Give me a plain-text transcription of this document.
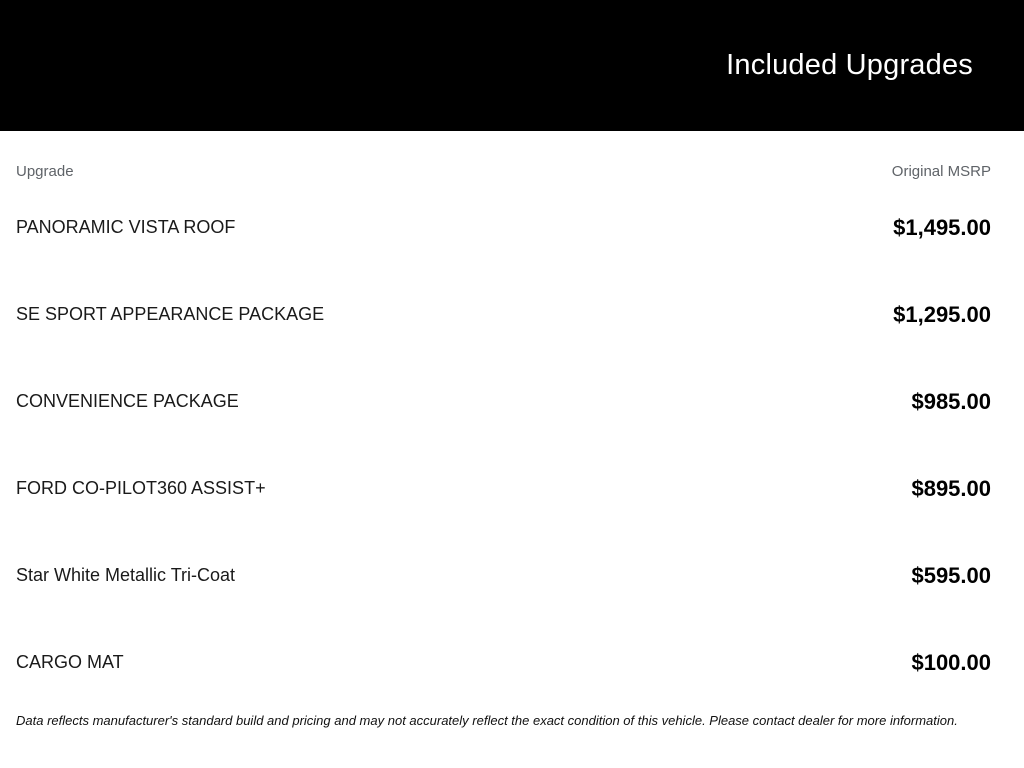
Included Upgrades
Upgrade	Original MSRP
PANORAMIC VISTA ROOF	$1,495.00
SE SPORT APPEARANCE PACKAGE	$1,295.00
CONVENIENCE PACKAGE	$985.00
FORD CO-PILOT360 ASSIST+	$895.00
Star White Metallic Tri-Coat	$595.00
CARGO MAT	$100.00
Data reflects manufacturer's standard build and pricing and may not accurately reflect the exact condition of this vehicle. Please contact dealer for more information.
